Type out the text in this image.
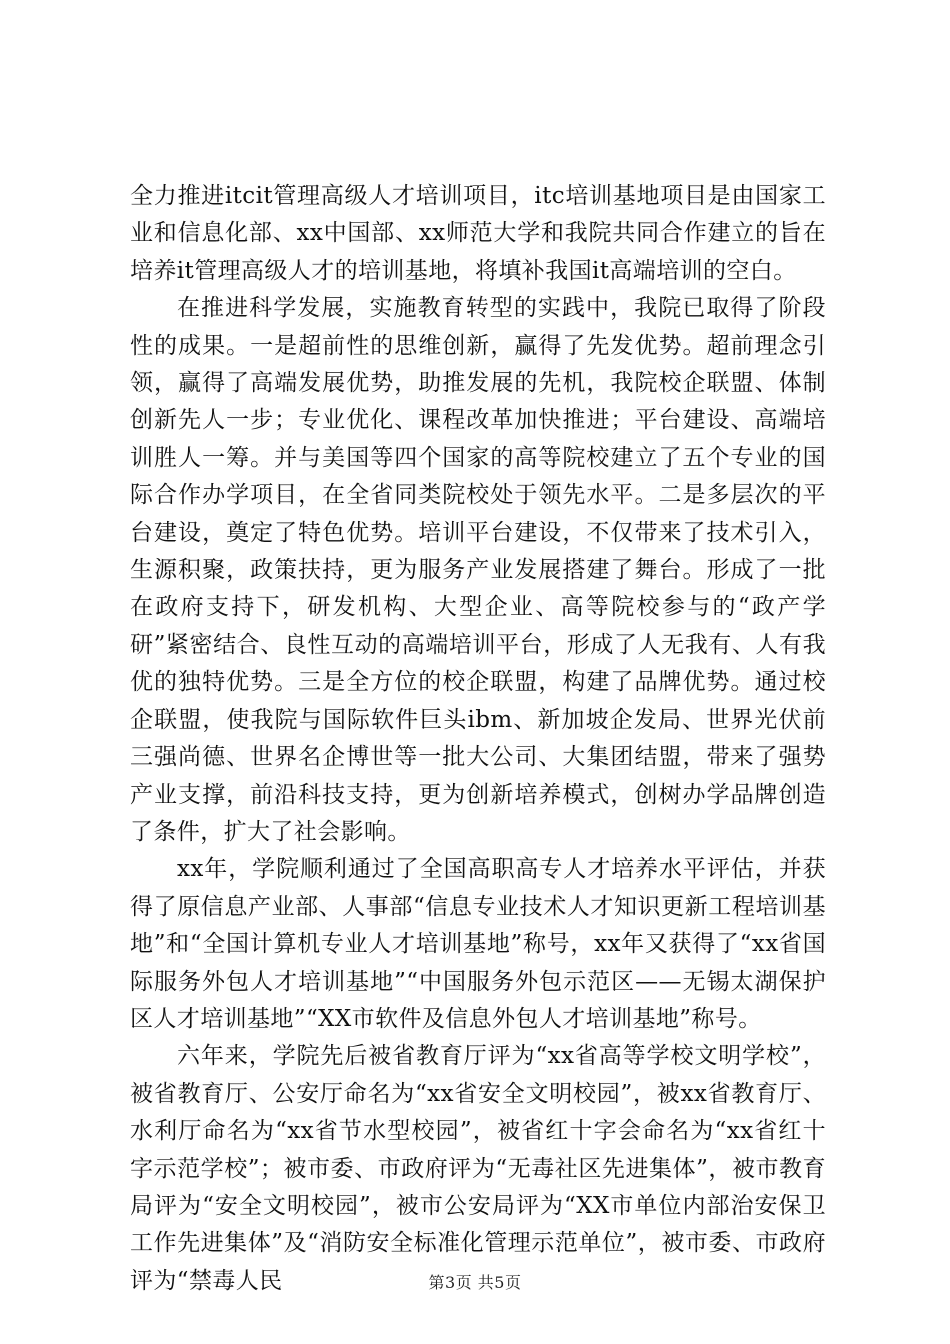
全力推进itcit管理高级人才培训项目，itc培训基地项目是由国家工业和信息化部、xx中国部、xx师范大学和我院共同合作建立的旨在培养it管理高级人才的培训基地，将填补我国it高端培训的空白。

在推进科学发展，实施教育转型的实践中，我院已取得了阶段性的成果。一是超前性的思维创新，赢得了先发优势。超前理念引领，赢得了高端发展优势，助推发展的先机，我院校企联盟、体制创新先人一步；专业优化、课程改革加快推进；平台建设、高端培训胜人一筹。并与美国等四个国家的高等院校建立了五个专业的国际合作办学项目，在全省同类院校处于领先水平。二是多层次的平台建设，奠定了特色优势。培训平台建设，不仅带来了技术引入，生源积聚，政策扶持，更为服务产业发展搭建了舞台。形成了一批在政府支持下，研发机构、大型企业、高等院校参与的“政产学研”紧密结合、良性互动的高端培训平台，形成了人无我有、人有我优的独特优势。三是全方位的校企联盟，构建了品牌优势。通过校企联盟，使我院与国际软件巨头ibm、新加坡企发局、世界光伏前三强尚德、世界名企博世等一批大公司、大集团结盟，带来了强势产业支撑，前沿科技支持，更为创新培养模式，创树办学品牌创造了条件，扩大了社会影响。

xx年，学院顺利通过了全国高职高专人才培养水平评估，并获得了原信息产业部、人事部“信息专业技术人才知识更新工程培训基地”和“全国计算机专业人才培训基地”称号，xx年又获得了“xx省国际服务外包人才培训基地”“中国服务外包示范区——无锡太湖保护区人才培训基地”“XX市软件及信息外包人才培训基地”称号。

六年来，学院先后被省教育厅评为“xx省高等学校文明学校”，被省教育厅、公安厅命名为“xx省安全文明校园”，被xx省教育厅、水利厅命名为“xx省节水型校园”，被省红十字会命名为“xx省红十字示范学校”；被市委、市政府评为“无毒社区先进集体”，被市教育局评为“安全文明校园”，被市公安局评为“XX市单位内部治安保卫工作先进集体”及“消防安全标准化管理示范单位”，被市委、市政府评为“禁毒人民	第3页 共5页
